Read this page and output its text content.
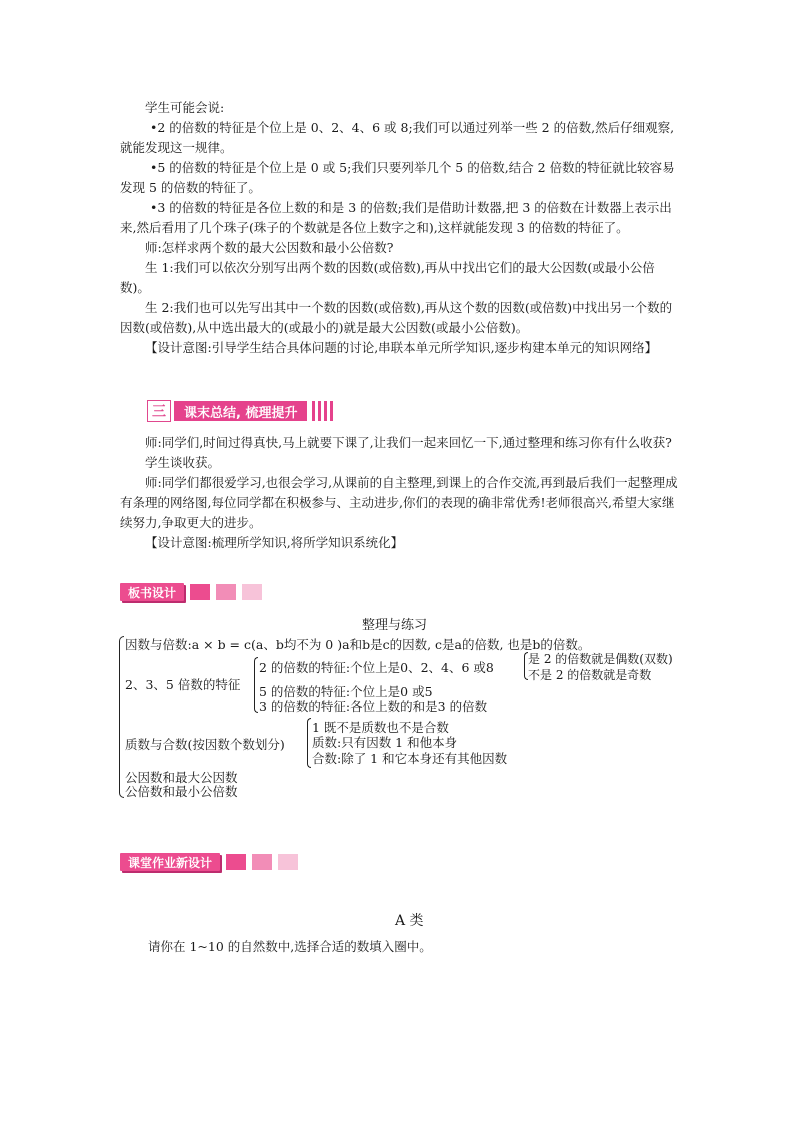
学生可能会说:

•2 的倍数的特征是个位上是 0、2、4、6 或 8;我们可以通过列举一些 2 的倍数,然后仔细观察,就能发现这一规律。

•5 的倍数的特征是个位上是 0 或 5;我们只要列举几个 5 的倍数,结合 2 倍数的特征就比较容易发现 5 的倍数的特征了。

•3 的倍数的特征是各位上数的和是 3 的倍数;我们是借助计数器,把 3 的倍数在计数器上表示出来,然后看用了几个珠子(珠子的个数就是各位上数字之和),这样就能发现 3 的倍数的特征了。

师:怎样求两个数的最大公因数和最小公倍数?

生 1:我们可以依次分别写出两个数的因数(或倍数),再从中找出它们的最大公因数(或最小公倍数)。

生 2:我们也可以先写出其中一个数的因数(或倍数),再从这个数的因数(或倍数)中找出另一个数的因数(或倍数),从中选出最大的(或最小的)就是最大公因数(或最小公倍数)。

【设计意图:引导学生结合具体问题的讨论,串联本单元所学知识,逐步构建本单元的知识网络】

三	课末总结, 梳理提升

师:同学们,时间过得真快,马上就要下课了,让我们一起来回忆一下,通过整理和练习你有什么收获?

学生谈收获。

师:同学们都很爱学习,也很会学习,从课前的自主整理,到课上的合作交流,再到最后我们一起整理成有条理的网络图,每位同学都在积极参与、主动进步,你们的表现的确非常优秀!老师很高兴,希望大家继续努力,争取更大的进步。

【设计意图:梳理所学知识,将所学知识系统化】

板书设计
整理与练习
因数与倍数:a × b = c(a、b均不为 0 )a和b是c的因数, c是a的倍数, 也是b的倍数。
2、3、5 倍数的特征
2 的倍数的特征:个位上是0、2、4、6 或8
是 2 的倍数就是偶数(双数)
不是 2 的倍数就是奇数
5 的倍数的特征:个位上是0 或5
3 的倍数的特征:各位上数的和是3 的倍数
质数与合数(按因数个数划分)
1 既不是质数也不是合数
质数:只有因数 1 和他本身
合数:除了 1 和它本身还有其他因数
公因数和最大公因数
公倍数和最小公倍数
课堂作业新设计
A 类
请你在 1~10 的自然数中,选择合适的数填入圈中。
